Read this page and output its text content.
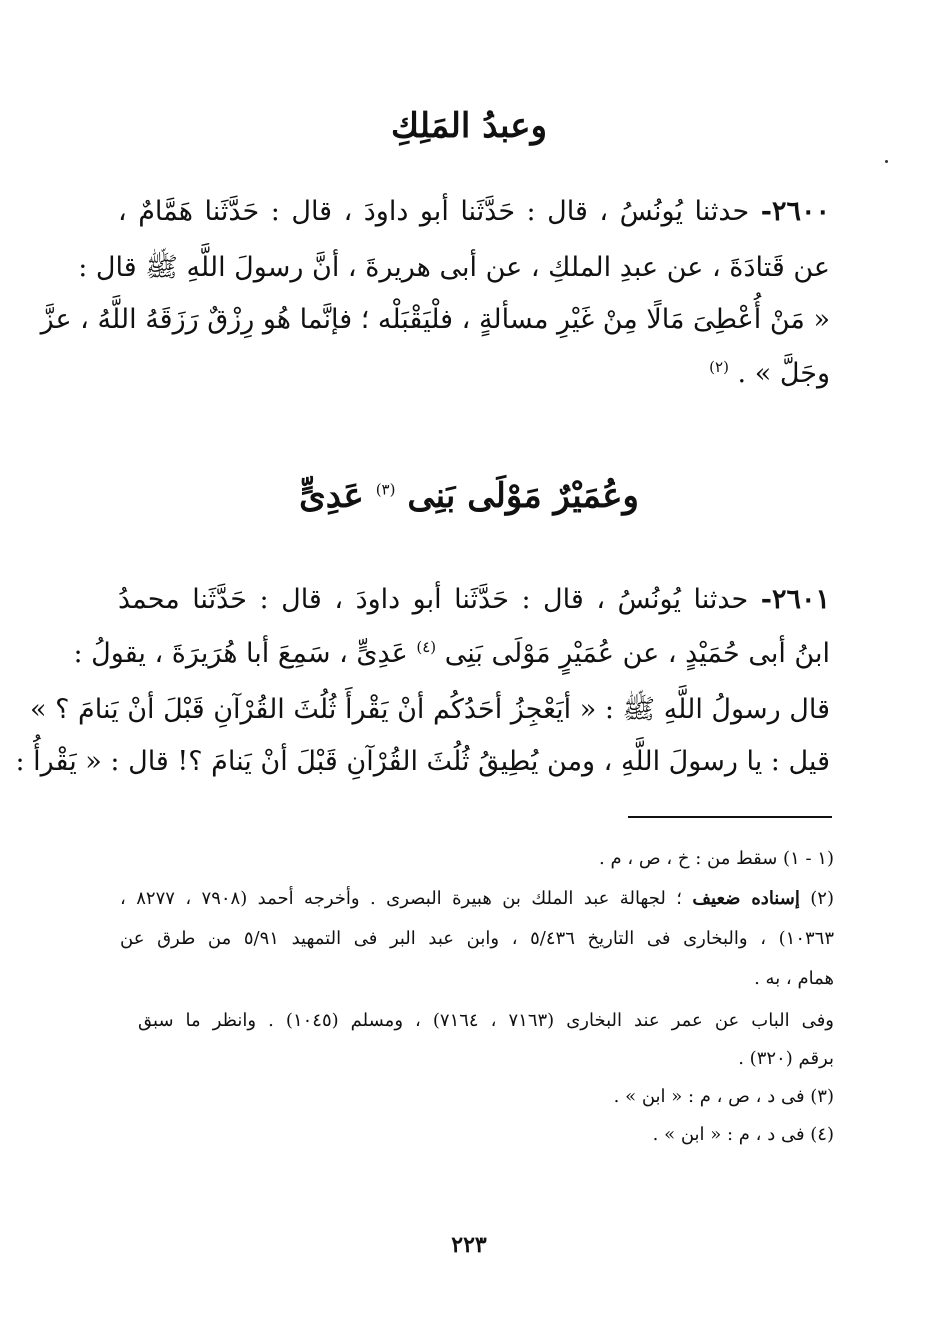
وعبدُ المَلِكِ
٢٦٠٠- حدثنا يُونُسُ ، قال : حَدَّثَنا أبو داودَ ، قال : حَدَّثَنا هَمَّامٌ ،
عن قَتادَةَ ، عن عبدِ الملكِ ، عن أبى هريرةَ ، أنَّ رسولَ اللَّهِ ﷺ قال :
« مَنْ أُعْطِىَ مَالًا مِنْ غَيْرِ مسألةٍ ، فلْيَقْبَلْه ؛ فإنَّما هُو رِزْقٌ رَزَقَهُ اللَّهُ ، عزَّ
وجَلَّ » . $^{(٢)}$
وعُمَيْرٌ مَوْلَى بَنِى $^{(٣)}$ عَدِىٍّ
٢٦٠١- حدثنا يُونُسُ ، قال : حَدَّثَنا أبو داودَ ، قال : حَدَّثَنا محمدُ
ابنُ أبى حُمَيْدٍ ، عن عُمَيْرٍ مَوْلَى بَنِى $^{(٤)}$ عَدِىٍّ ، سَمِعَ أبا هُرَيرَةَ ، يقولُ :
قال رسولُ اللَّهِ ﷺ : « أيَعْجِزُ أحَدُكُم أنْ يَقْرأَ ثُلُثَ القُرْآنِ قَبْلَ أنْ يَنامَ ؟ »
قيل : يا رسولَ اللَّهِ ، ومن يُطِيقُ ثُلُثَ القُرْآنِ قَبْلَ أنْ يَنامَ ؟! قال : « يَقْرأُ :
(١ - ١) سقط من : خ ، ص ، م .
(٢) إسناده ضعيف ؛ لجهالة عبد الملك بن هبيرة البصرى . وأخرجه أحمد (٧٩٠٨ ، ٨٢٧٧ ،
١٠٣٦٣) ، والبخارى فى التاريخ ٥/٤٣٦ ، وابن عبد البر فى التمهيد ٥/٩١ من طرق عن
همام ، به .
وفى الباب عن عمر عند البخارى (٧١٦٣ ، ٧١٦٤) ، ومسلم (١٠٤٥) . وانظر ما سبق
برقم (٣٢٠) .
(٣) فى د ، ص ، م : « ابن » .
(٤) فى د ، م : « ابن » .
٢٢٣
